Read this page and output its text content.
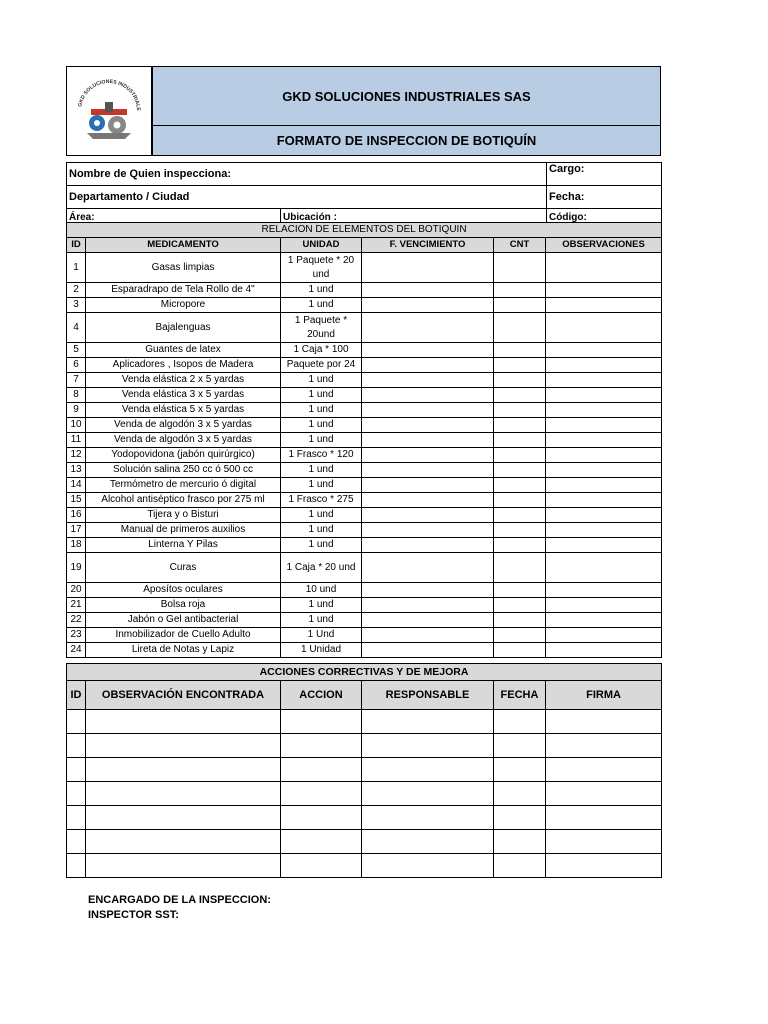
GKD SOLUCIONES INDUSTRIALE
GKD SOLUCIONES INDUSTRIALES SAS
FORMATO DE INSPECCION DE BOTIQUÍN
Nombre de Quien inspecciona:		Cargo:
Departamento / Ciudad		Fecha:
Área:	Ubicación :	Código:
RELACION DE ELEMENTOS DEL BOTIQUIN					
ID	MEDICAMENTO	UNIDAD	F. VENCIMIENTO	CNT	OBSERVACIONES
1	Gasas limpias	1 Paquete * 20 und			
2	Esparadrapo de Tela Rollo de 4"	1 und			
3	Micropore	1 und			
4	Bajalenguas	1 Paquete * 20und			
5	Guantes de latex	1 Caja * 100			
6	Aplicadores , Isopos de Madera	Paquete por 24			
7	Venda elástica 2 x 5 yardas	1 und			
8	Venda elástica 3 x 5 yardas	1 und			
9	Venda elástica 5 x 5 yardas	1 und			
10	Venda de algodón 3 x 5 yardas	1 und			
11	Venda de algodón 3 x 5 yardas	1 und			
12	Yodopovidona (jabón quirúrgico)	1 Frasco * 120			
13	Solución salina 250 cc ó 500 cc	1 und			
14	Termómetro de mercurio ó digital	1 und			
15	Alcohol antiséptico frasco por 275 ml	1 Frasco * 275			
16	Tijera y o Bisturi	1 und			
17	Manual de primeros auxilios	1 und			
18	Linterna Y Pilas	1 und			
19	Curas	1 Caja * 20 und			
20	Aposítos oculares	10 und			
21	Bolsa roja	1 und			
22	Jabón o Gel antibacterial	1 und			
23	Inmobilizador de Cuello Adulto	1 Und			
24	Lireta de Notas y Lapiz	1 Unidad			
ACCIONES CORRECTIVAS Y DE MEJORA					
ID	OBSERVACIÓN ENCONTRADA	ACCION	RESPONSABLE	FECHA	FIRMA

ENCARGADO DE LA INSPECCION:
INSPECTOR SST:
